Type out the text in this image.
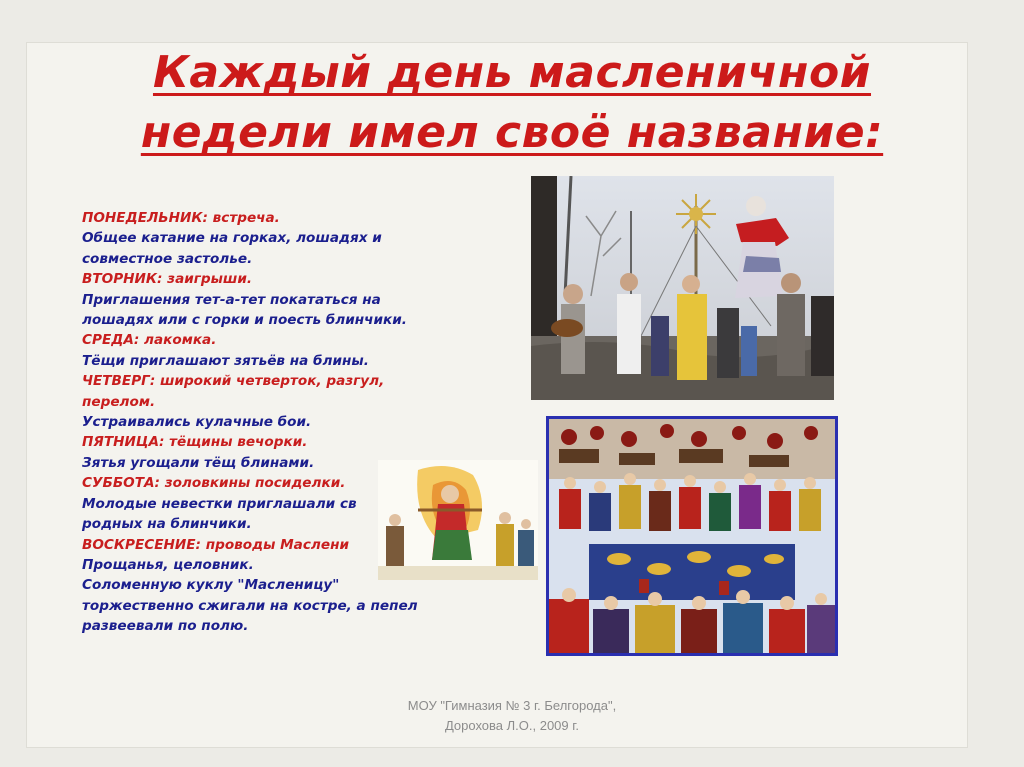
Каждый день масленичной
недели имел своё название:
ПОНЕДЕЛЬНИК: встреча.
Общее катание на горках, лошадях и
совместное застолье.
ВТОРНИК: заигрыши.
Приглашения тет-а-тет покататься на
лошадях или с горки и поесть блинчики.
СРЕДА: лакомка.
Тёщи приглашают зятьёв на блины.
ЧЕТВЕРГ: широкий четверток, разгул,
перелом.
Устраивались кулачные бои.
ПЯТНИЦА: тёщины вечорки.
Зятья угощали тёщ блинами.
СУББОТА: золовкины посиделки.
Молодые невестки приглашали св
родных на блинчики.
ВОСКРЕСЕНИЕ: проводы Маслени
Прощанья, целовник.
Соломенную куклу "Масленицу"
торжественно сжигали на костре, а пепел
развеевали по полю.
МОУ "Гимназия № 3 г. Белгорода",
Дорохова Л.О., 2009 г.
